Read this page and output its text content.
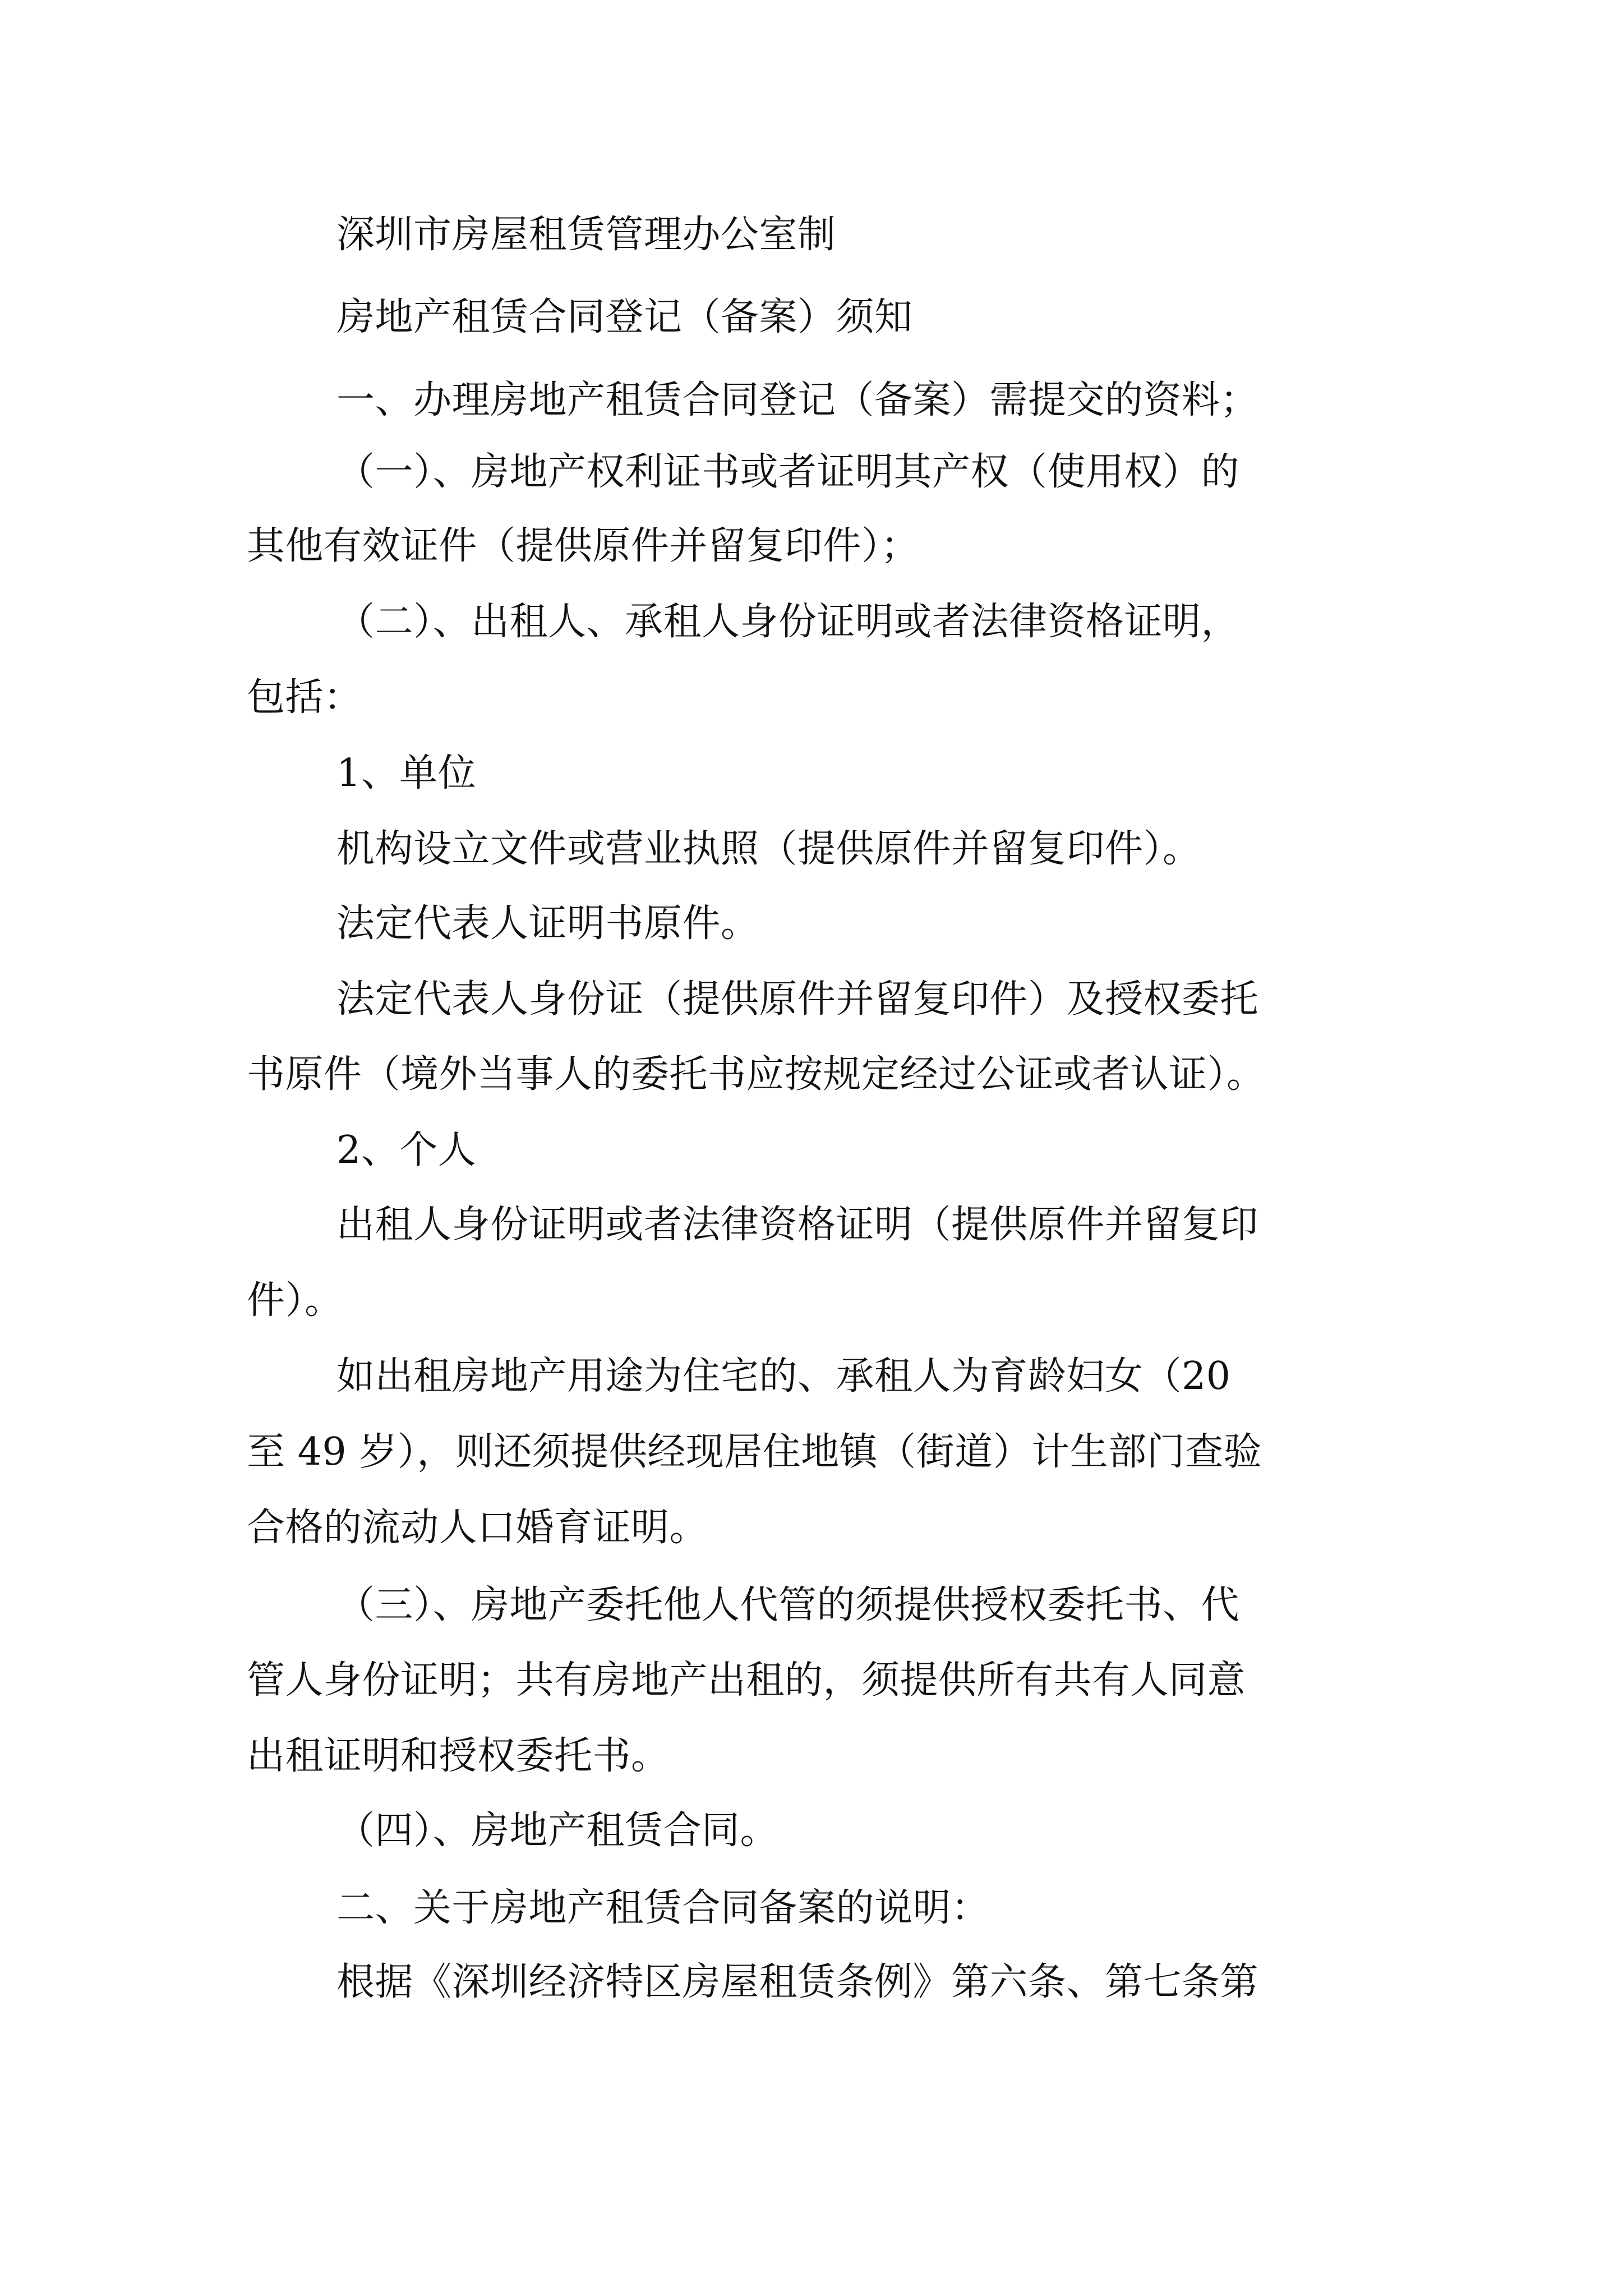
深圳市房屋租赁管理办公室制

房地产租赁合同登记（备案）须知

一、办理房地产租赁合同登记（备案）需提交的资料；

（一）、房地产权利证书或者证明其产权（使用权）的

其他有效证件（提供原件并留复印件）；

（二）、出租人、承租人身份证明或者法律资格证明，

包括：

1、单位

机构设立文件或营业执照（提供原件并留复印件）。

法定代表人证明书原件。

法定代表人身份证（提供原件并留复印件）及授权委托

书原件（境外当事人的委托书应按规定经过公证或者认证）。

2、个人

出租人身份证明或者法律资格证明（提供原件并留复印

件）。

如出租房地产用途为住宅的、承租人为育龄妇女（20

至 49 岁），则还须提供经现居住地镇（街道）计生部门查验

合格的流动人口婚育证明。

（三）、房地产委托他人代管的须提供授权委托书、代

管人身份证明；共有房地产出租的，须提供所有共有人同意

出租证明和授权委托书。

（四）、房地产租赁合同。

二、关于房地产租赁合同备案的说明：

根据《深圳经济特区房屋租赁条例》第六条、第七条第
